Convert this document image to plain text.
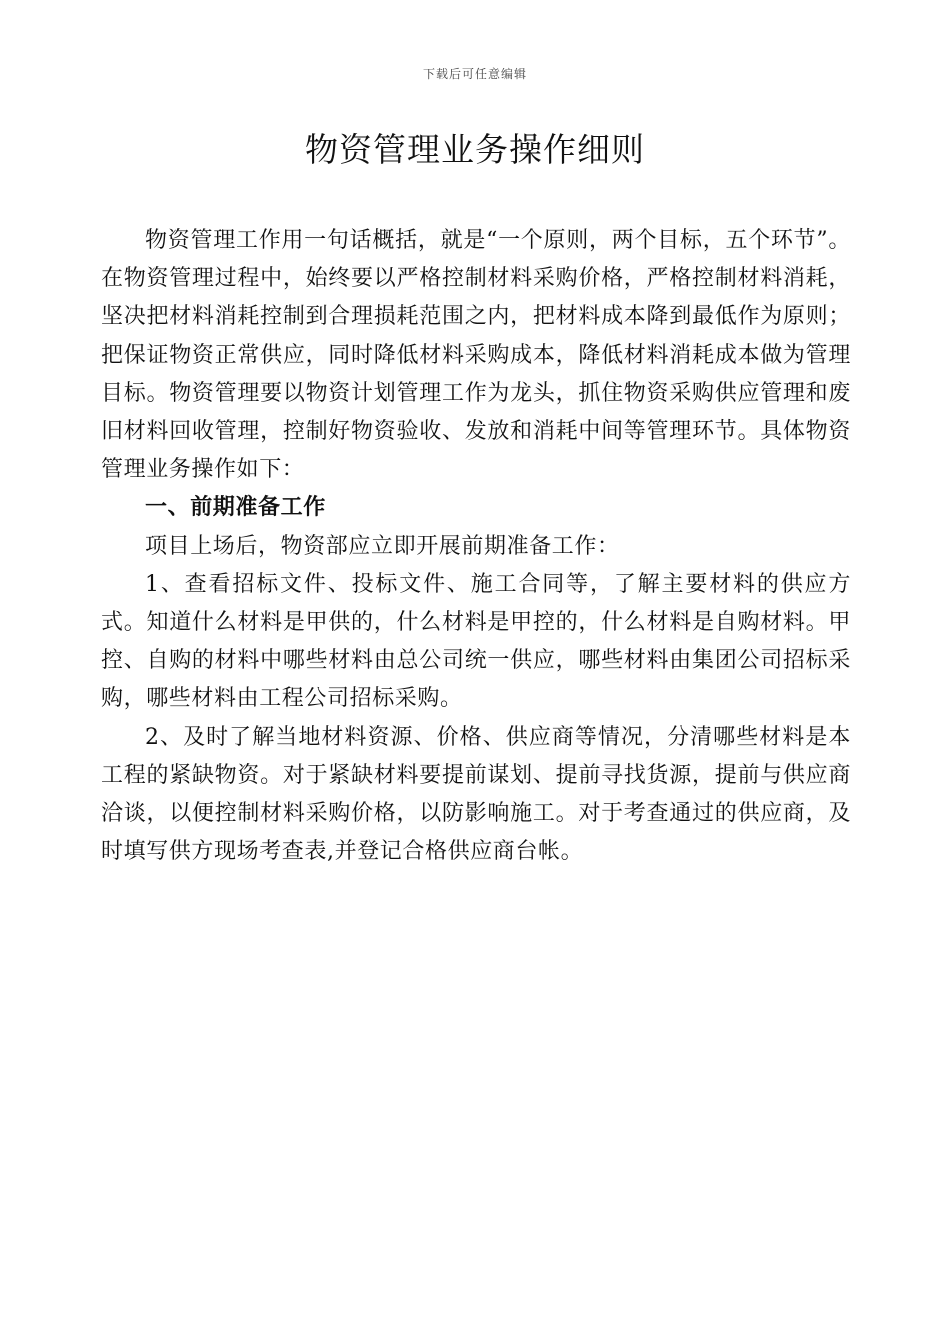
下载后可任意编辑
物资管理业务操作细则

物资管理工作用一句话概括，就是“一个原则，两个目标，五个环节”。在物资管理过程中，始终要以严格控制材料采购价格，严格控制材料消耗，坚决把材料消耗控制到合理损耗范围之内，把材料成本降到最低作为原则；把保证物资正常供应，同时降低材料采购成本，降低材料消耗成本做为管理目标。物资管理要以物资计划管理工作为龙头，抓住物资采购供应管理和废旧材料回收管理，控制好物资验收、发放和消耗中间等管理环节。具体物资管理业务操作如下：

一、前期准备工作

项目上场后，物资部应立即开展前期准备工作：

1、查看招标文件、投标文件、施工合同等，了解主要材料的供应方式。知道什么材料是甲供的，什么材料是甲控的，什么材料是自购材料。甲控、自购的材料中哪些材料由总公司统一供应，哪些材料由集团公司招标采购，哪些材料由工程公司招标采购。

2、及时了解当地材料资源、价格、供应商等情况，分清哪些材料是本工程的紧缺物资。对于紧缺材料要提前谋划、提前寻找货源，提前与供应商洽谈，以便控制材料采购价格，以防影响施工。对于考查通过的供应商，及时填写供方现场考查表,并登记合格供应商台帐。
